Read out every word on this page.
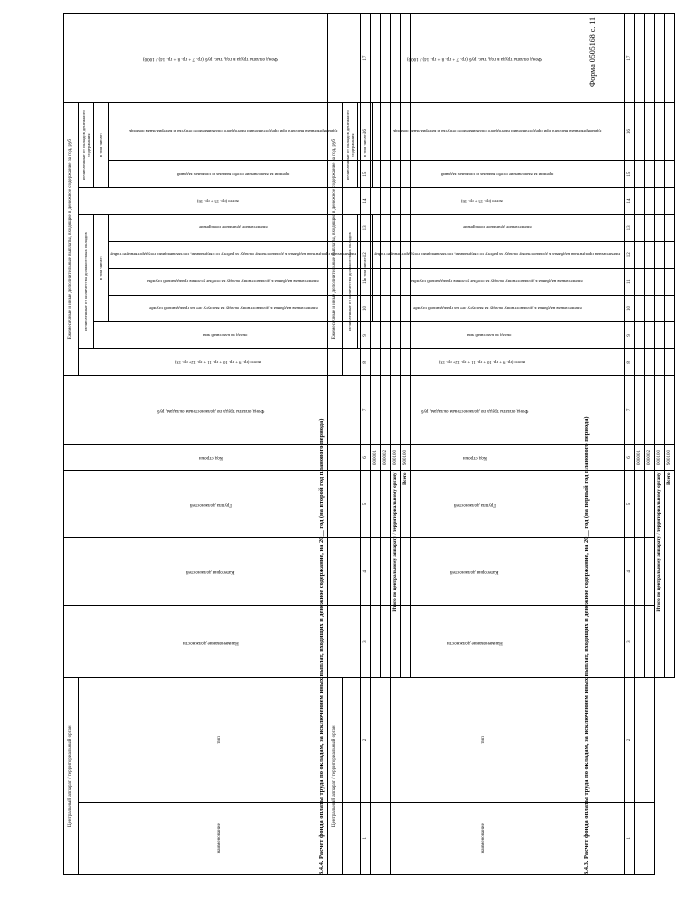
Форма 0505168 с. 11
3.4.3. Расчет фонда оплаты труда по окладам, за исключением иных выплат, входящих в денежное содержание, на 20__ год (на первый год планового периода)
Центральный аппарат / территориальный орган		Наименование должности	Категория должностей	Группа должностей	Код строки	Фонд оплаты труда по должностным окладам, руб	Ежемесячные и иные дополнительные выплаты, входящие в денежное содержание за год, руб									Фонд оплаты труда в год, тыс. руб (гр. 7 + гр. 8 + гр. 14) / 1000)
наименование	тип						всего (гр. 9 + гр. 10 + гр. 11 + гр. 12+ гр. 13)	исчисленные от количества должностных окладов					всего (гр. 15 + гр. 16)	исчисленные от окладов денежного содержания		
								оклад за классный чин	в том числе:					в том числе:		
									ежемесячная надбавка к должностному окладу за выслугу лет на гражданской службе	ежемесячная надбавка к должностному окладу за особые условия гражданской службы	ежемесячная процентная надбавка к должностному окладу за работу со сведениями, составляющими государственную тайну	ежемесячное денежное поощрение		премии за выполнение особо важных и сложных заданий	единовременная выплата при предоставлении ежегодного оплачиваемого отпуска и материальная помощь	
1	2	3	4	5	6	7	8	9	10	11	12	13	14	15	16	17
					000001											
					000002											
		Итого по центральному аппарату / территориальному органу			000100											
		Всего			900100											
3.4.4. Расчет фонда оплаты труда по окладам, за исключением иных выплат, входящих в денежное содержание, на 20__ год (на второй год планового периода)
Центральный аппарат / территориальный орган		Наименование должности	Категория должностей	Группа должностей	Код строки	Фонд оплаты труда по должностным окладам, руб	Ежемесячные и иные дополнительные выплаты, входящие в денежное содержание за год, руб									Фонд оплаты труда в год, тыс. руб (гр. 7 + гр. 8 + гр. 14) / 1000)
наименование	тип						всего (гр. 9 + гр. 10 + гр. 11 + гр. 12+ гр. 13)	исчисленные от количества должностных окладов					всего (гр. 15 + гр. 16)	исчисленные от окладов денежного содержания		
								оклад за классный чин	в том числе:					в том числе:		
									ежемесячная надбавка к должностному окладу за выслугу лет на гражданской службе	ежемесячная надбавка к должностному окладу за особые условия гражданской службы	ежемесячная процентная надбавка к должностному окладу за работу со сведениями, составляющими государственную тайну	ежемесячное денежное поощрение		премии за выполнение особо важных и сложных заданий	единовременная выплата при предоставлении ежегодного оплачиваемого отпуска и материальная помощь	
1	2	3	4	5	6	7	8	9	10	11	12	13	14	15	16	17
					000001											
					000002											
		Итого по центральному аппарату / территориальному органу			000100											
		Всего			900100											
